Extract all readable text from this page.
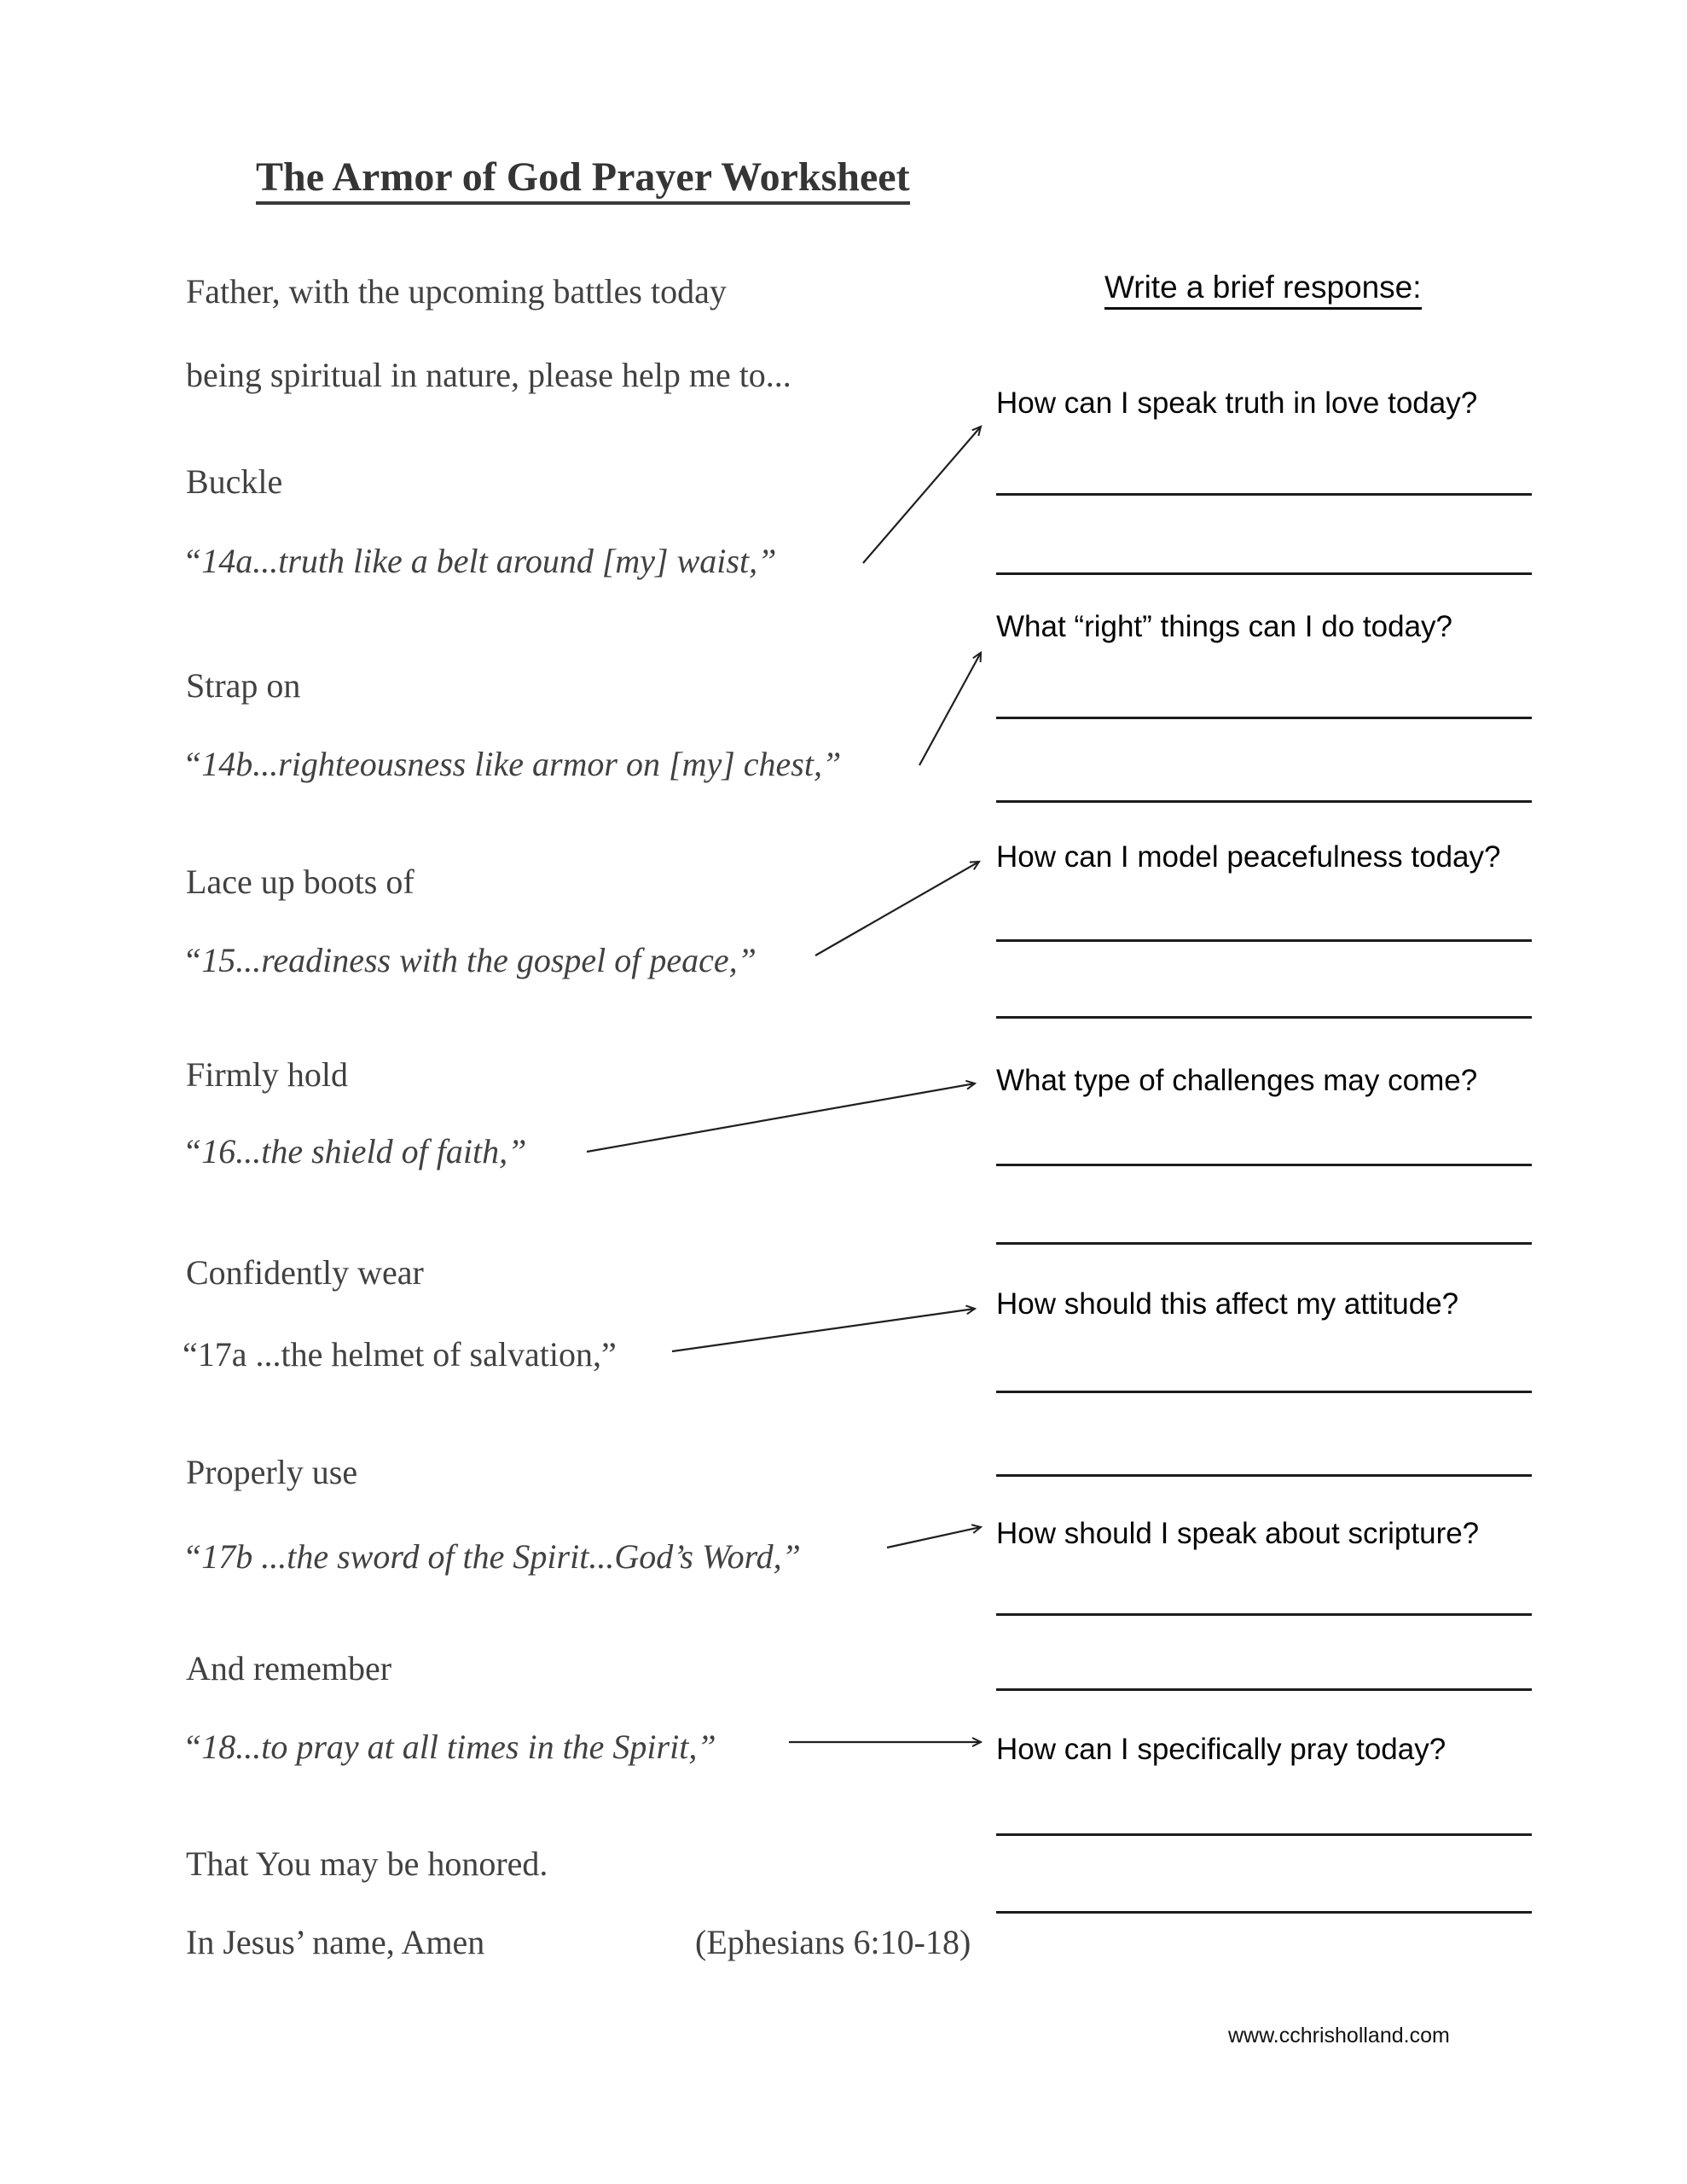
The Armor of God Prayer Worksheet
Father, with the upcoming battles today
being spiritual in nature, please help me to...
Buckle
“14a...truth like a belt around [my] waist,”
Strap on
“14b...righteousness like armor on [my] chest,”
Lace up boots of
“15...readiness with the gospel of peace,”
Firmly hold
“16...the shield of faith,”
Confidently wear
“17a ...the helmet of salvation,”
Properly use
“17b ...the sword of the Spirit...God’s Word,”
And remember
“18...to pray at all times in the Spirit,”
That You may be honored.
In Jesus’ name, Amen	(Ephesians 6:10-18)
Write a brief response:
How can I speak truth in love today?
What “right” things can I do today?
How can I model peacefulness today?
What type of challenges may come?
How should this affect my attitude?
How should I speak about scripture?
How can I specifically pray today?
www.cchrisholland.com
